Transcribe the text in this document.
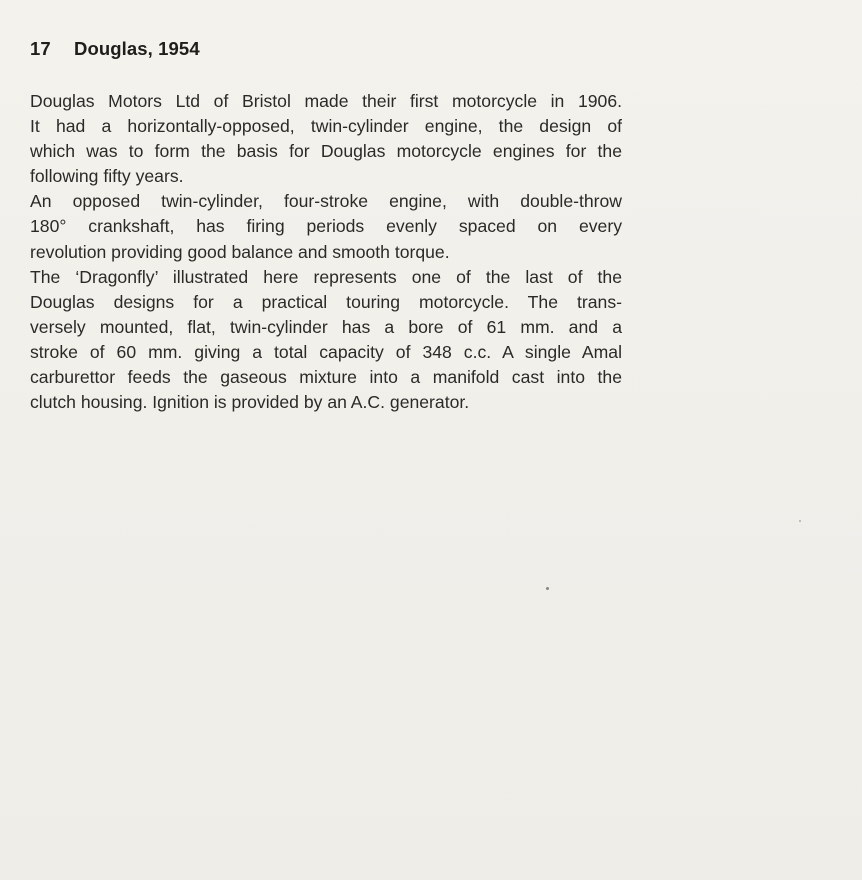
17 Douglas, 1954

Douglas Motors Ltd of Bristol made their first motorcycle in 1906.
It had a horizontally-opposed, twin-cylinder engine, the design of
which was to form the basis for Douglas motorcycle engines for the
following fifty years.

An opposed twin-cylinder, four-stroke engine, with double-throw
180° crankshaft, has firing periods evenly spaced on every
revolution providing good balance and smooth torque.

The ‘Dragonfly’ illustrated here represents one of the last of the
Douglas designs for a practical touring motorcycle. The trans-
versely mounted, flat, twin-cylinder has a bore of 61 mm. and a
stroke of 60 mm. giving a total capacity of 348 c.c. A single Amal
carburettor feeds the gaseous mixture into a manifold cast into the
clutch housing. Ignition is provided by an A.C. generator.
